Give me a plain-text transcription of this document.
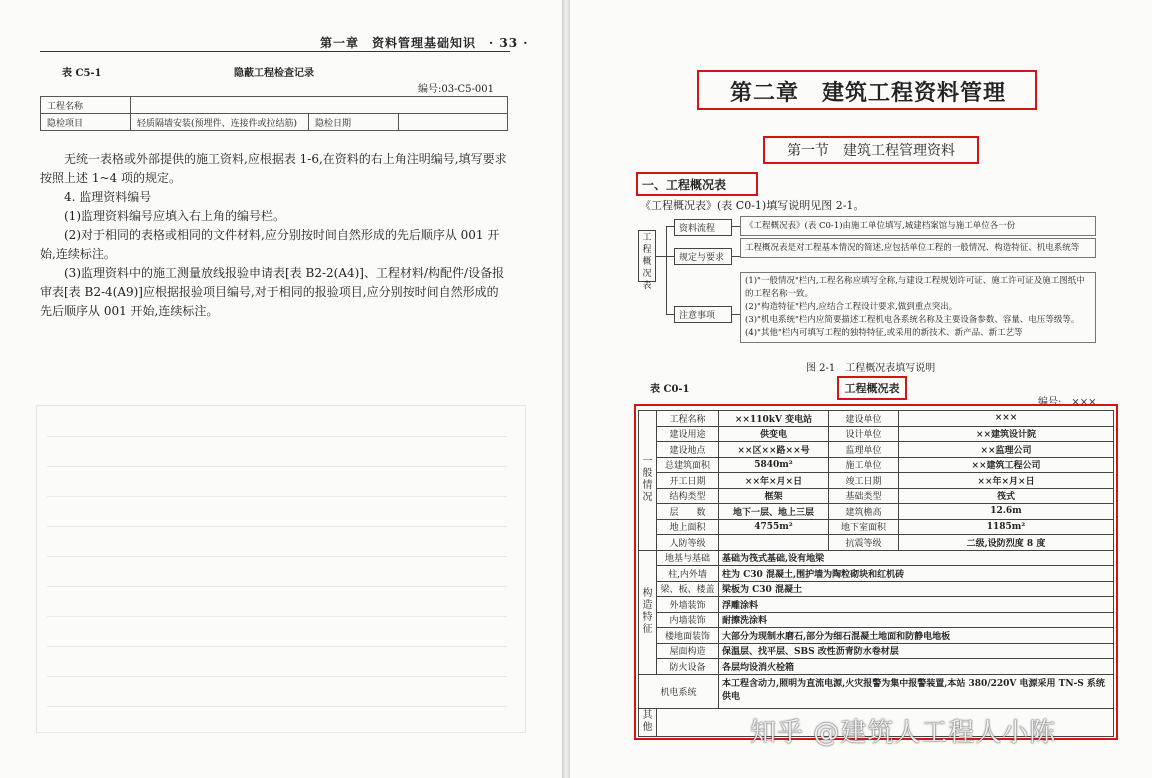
第一章　资料管理基础知识　· 33 ·
表 C5-1	隐蔽工程检查记录
编号:03-C5-001
工程名称			
隐检项目	轻质隔墙安装(预埋件、连接件或拉结筋)	隐检日期	

无统一表格或外部提供的施工资料,应根据表 1-6,在资料的右上角注明编号,填写要求按照上述 1~4 项的规定。

4. 监理资料编号

(1)监理资料编号应填入右上角的编号栏。

(2)对于相同的表格或相同的文件材料,应分别按时间自然形成的先后顺序从 001 开始,连续标注。

(3)监理资料中的施工测量放线报验申请表[表 B2-2(A4)]、工程材料/构配件/设备报审表[表 B2-4(A9)]应根据报验项目编号,对于相同的报验项目,应分别按时间自然形成的先后顺序从 001 开始,连续标注。

第二章　建筑工程资料管理
第一节　建筑工程管理资料
一、工程概况表
《工程概况表》(表 C0-1)填写说明见图 2-1。
工程概况表
资料流程
规定与要求
注意事项
《工程概况表》(表 C0-1)由施工单位填写,城建档案馆与施工单位各一份
工程概况表是对工程基本情况的简述,应包括单位工程的一般情况、构造特征、机电系统等
(1)"一般情况"栏内,工程名称应填写全称,与建设工程规划许可证、施工许可证及施工图纸中的工程名称一致。
(2)"构造特征"栏内,应结合工程设计要求,做到重点突出。
(3)"机电系统"栏内应简要描述工程机电各系统名称及主要设备参数、容量、电压等级等。
(4)"其他"栏内可填写工程的独特特征,或采用的新技术、新产品、新工艺等
图 2-1　工程概况表填写说明
表 C0-1	工程概况表
编号:　×××
一般情况	工程名称	××110kV 变电站	建设单位	×××
	建设用途	供变电	设计单位	××建筑设计院
	建设地点	××区××路××号	监理单位	××监理公司
	总建筑面积	5840m²	施工单位	××建筑工程公司
	开工日期	××年×月×日	竣工日期	××年×月×日
	结构类型	框架	基础类型	筏式
	层　　数	地下一层、地上三层	建筑檐高	12.6m
	地上面积	4755m²	地下室面积	1185m²
	人防等级		抗震等级	二级,设防烈度 8 度
构造特征	地基与基础	基础为筏式基础,设有地梁		
	柱,内外墙	柱为 C30 混凝土,围护墙为陶粒砌块和红机砖		
	梁、板、楼盖	梁板为 C30 混凝土		
	外墙装饰	浮雕涂料		
	内墙装饰	耐擦洗涂料		
	楼地面装饰	大部分为现制水磨石,部分为细石混凝土地面和防静电地板		
	屋面构造	保温层、找平层、SBS 改性沥青防水卷材层		
	防火设备	各层均设消火栓箱		
机电系统		本工程含动力,照明为直流电源,火灾报警为集中报警装置,本站 380/220V 电源采用 TN-S 系统供电		
其他					知乎 @建筑人工程人小陈
